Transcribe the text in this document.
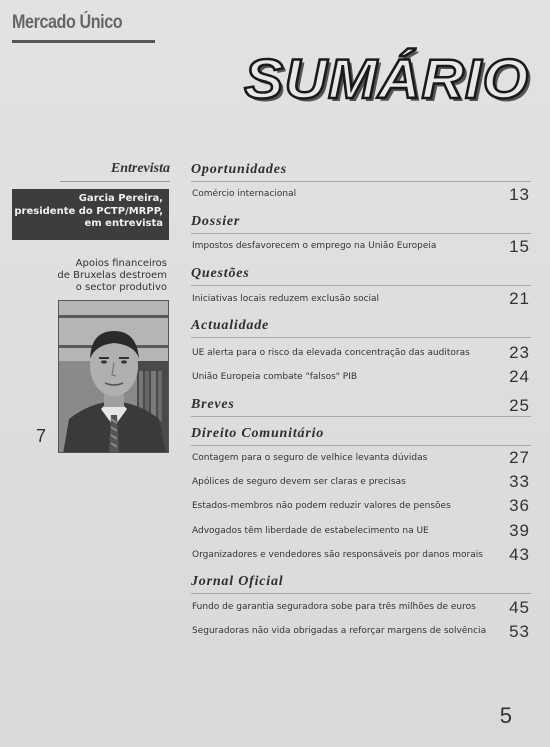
Mercado Único
SUMÁRIO
Entrevista
Garcia Pereira,
presidente do PCTP/MRPP,
em entrevista
Apoios financeiros
de Bruxelas destroem
o sector produtivo
7
Oportunidades
Comércio internacional	13
Dossier
Impostos desfavorecem o emprego na União Europeia	15
Questões
Iniciativas locais reduzem exclusão social	21
Actualidade
UE alerta para o risco da elevada concentração das auditoras	23
União Europeia combate "falsos" PIB	24
Breves	25
Direito Comunitário
Contagem para o seguro de velhice levanta dúvidas	27
Apólices de seguro devem ser claras e precisas	33
Estados-membros não podem reduzir valores de pensões	36
Advogados têm liberdade de estabelecimento na UE	39
Organizadores e vendedores são responsáveis por danos morais	43
Jornal Oficial
Fundo de garantia seguradora sobe para três milhões de euros	45
Seguradoras não vida obrigadas a reforçar margens de solvência	53
5
